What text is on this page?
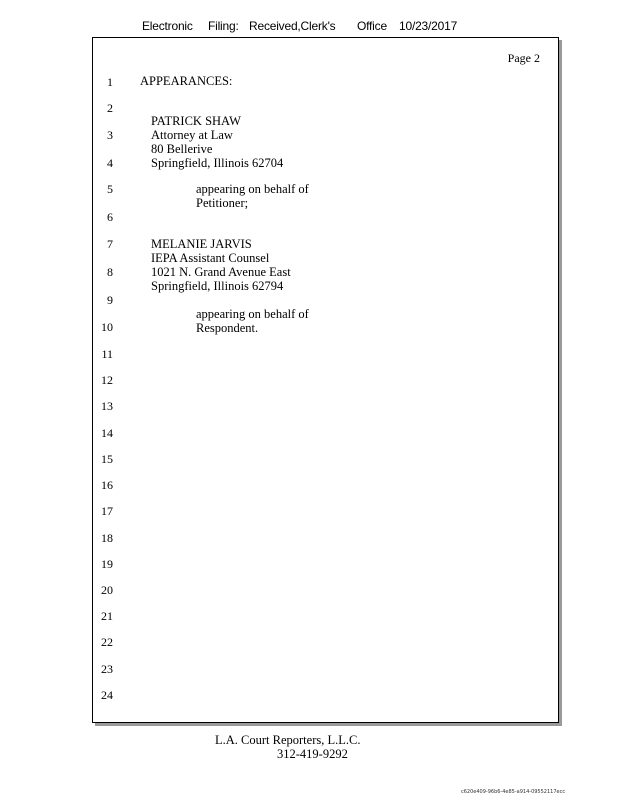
Electronic Filing: Received,Clerk's Office 10/23/2017
Page 2
1
2
3
4
5
6
7
8
9
10
11
12
13
14
15
16
17
18
19
20
21
22
23
24
APPEARANCES:
PATRICK SHAW
Attorney at Law
80 Bellerive
Springfield, Illinois 62704
appearing on behalf of
Petitioner;
MELANIE JARVIS
IEPA Assistant Counsel
1021 N. Grand Avenue East
Springfield, Illinois 62794
appearing on behalf of
Respondent.
L.A. Court Reporters, L.L.C.
312-419-9292
c620e409-96b6-4e85-a914-09552117ecc
